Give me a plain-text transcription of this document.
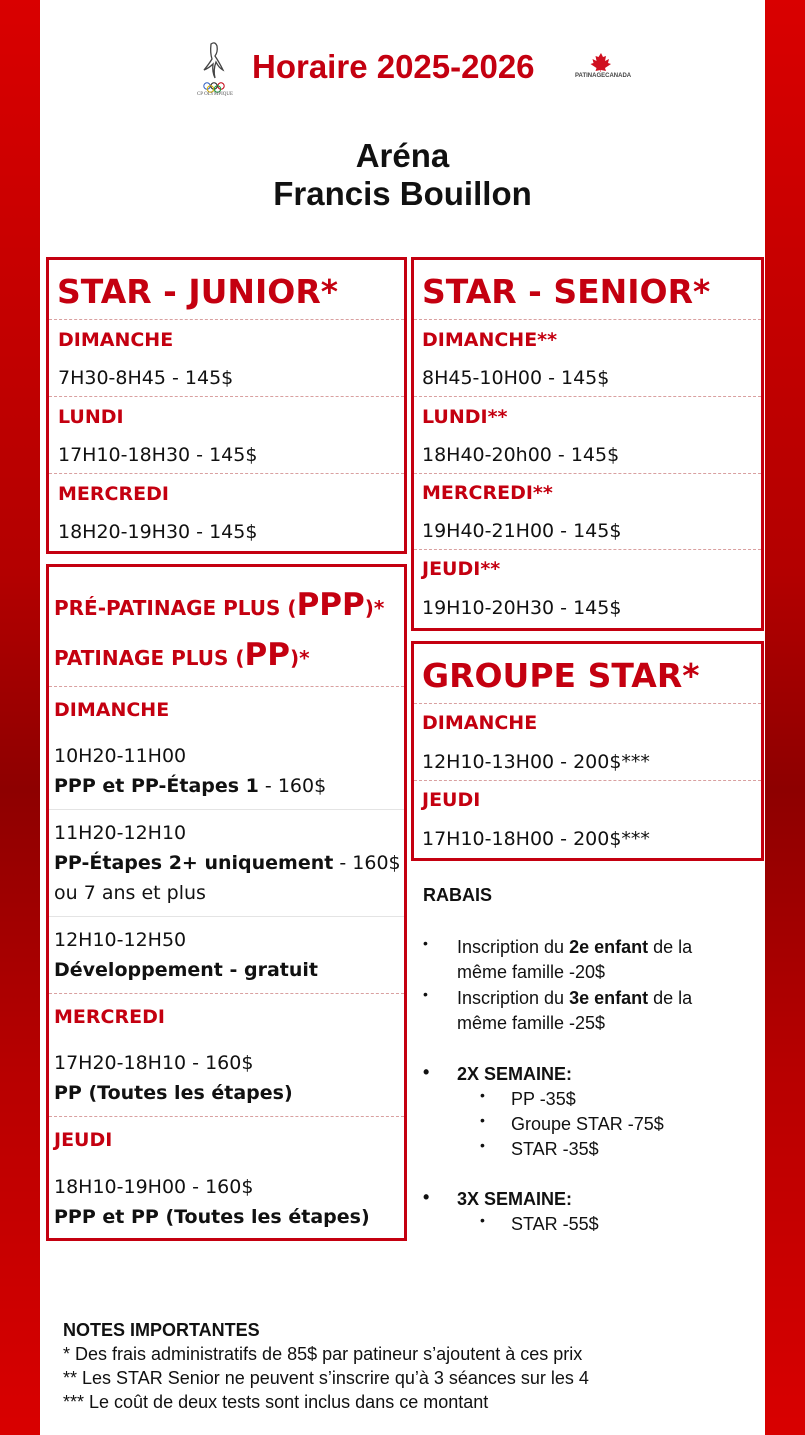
CP OLYMPIQUE
Horaire 2025-2026	PATINAGECANADA
Aréna
Francis Bouillon
STAR - JUNIOR*
DIMANCHE
7H30-8H45 - 145$
LUNDI
17H10-18H30 - 145$
MERCREDI
18H20-19H30 - 145$
STAR - SENIOR*
DIMANCHE**
8H45-10H00 - 145$
LUNDI**
18H40-20h00 - 145$
MERCREDI**
19H40-21H00 - 145$
JEUDI**
19H10-20H30 - 145$
PRÉ-PATINAGE PLUS (PPP)*
PATINAGE PLUS (PP)*
DIMANCHE
10H20-11H00
PPP et PP-Étapes 1 - 160$
11H20-12H10
PP-Étapes 2+ uniquement - 160$
ou 7 ans et plus
12H10-12H50
Développement - gratuit
MERCREDI
17H20-18H10 - 160$
PP (Toutes les étapes)
JEUDI
18H10-19H00 - 160$
PPP et PP (Toutes les étapes)
GROUPE STAR*
DIMANCHE
12H10-13H00 - 200$***
JEUDI
17H10-18H00 - 200$***
RABAIS
• Inscription du 2e enfant de la
même famille -20$
• Inscription du 3e enfant de la
même famille -25$
• 2X SEMAINE:
• PP -35$
• Groupe STAR -75$
• STAR -35$
• 3X SEMAINE:
• STAR -55$
NOTES IMPORTANTES
* Des frais administratifs de 85$ par patineur s’ajoutent à ces prix
** Les STAR Senior ne peuvent s’inscrire qu’à 3 séances sur les 4
*** Le coût de deux tests sont inclus dans ce montant
